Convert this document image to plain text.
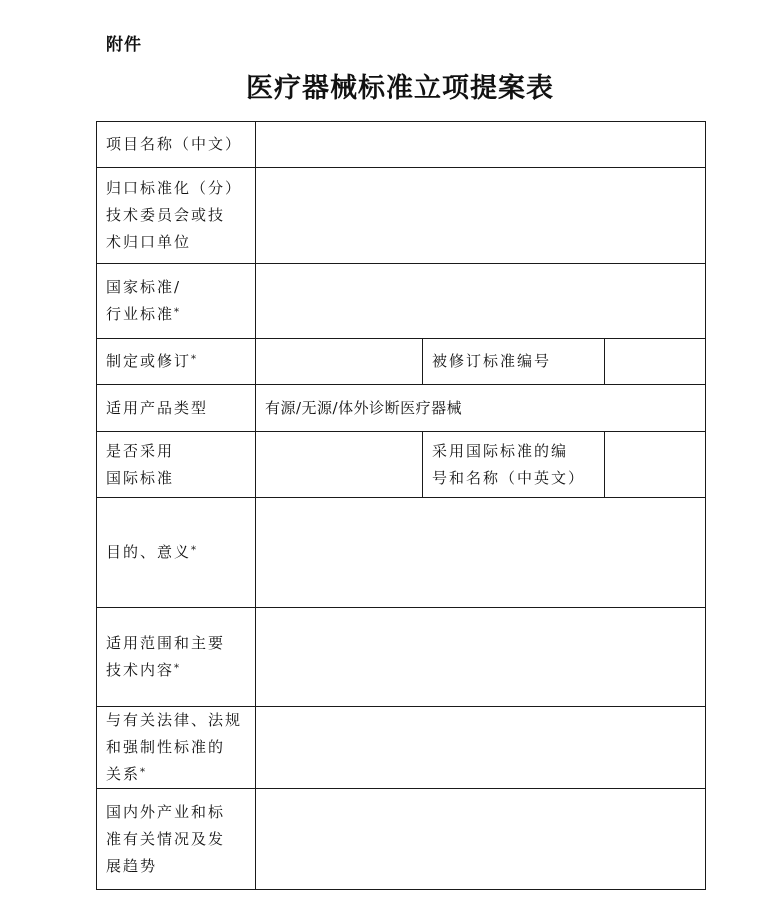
附件
医疗器械标准立项提案表
项目名称（中文）			
归口标准化（分）
技术委员会或技
术归口单位			
国家标准/
行业标准*	
制定或修订*		被修订标准编号	
适用产品类型	有源/无源/体外诊断医疗器械		
是否采用
国际标准		采用国际标准的编
号和名称（中英文）	
目的、意义*	
适用范围和主要
技术内容*	
与有关法律、法规
和强制性标准的
关系*	
国内外产业和标
准有关情况及发
展趋势			
